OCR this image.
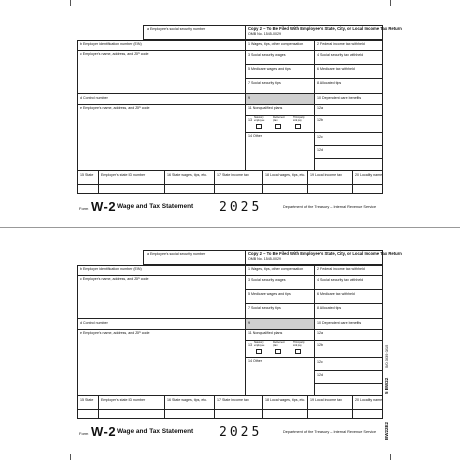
a Employee's social security number	Copy 2 – To Be Filed With Employee's State, City, or Local Income Tax Return
OMB No. 1545-0029
b Employer identification number (EIN)
c Employer's name, address, and ZIP code
d Control number
e Employee's name, address, and ZIP code
1 Wages, tips, other compensation	2 Federal income tax withheld
3 Social security wages	4 Social security tax withheld
5 Medicare wages and tips	6 Medicare tax withheld
7 Social security tips	8 Allocated tips
9	10 Dependent care benefits
11 Nonqualified plans
13
Statutory employee
Retirement plan
Third-party sick pay
14 Other
12a
12b
12c
12d
15 State Employer's state ID number	16 State wages, tips, etc.	17 State income tax	18 Local wages, tips, etc. 19 Local income tax	20 Locality name
Form W-2 Wage and Tax Statement 2025	Department of the Treasury – Internal Revenue Service
a Employee's social security number	Copy 2 – To Be Filed With Employee's State, City, or Local Income Tax Return
OMB No. 1545-0029
b Employer identification number (EIN)
c Employer's name, address, and ZIP code
d Control number
e Employee's name, address, and ZIP code
1 Wages, tips, other compensation	2 Federal income tax withheld
3 Social security wages	4 Social security tax withheld
5 Medicare wages and tips	6 Medicare tax withheld
7 Social security tips	8 Allocated tips
9	10 Dependent care benefits
11 Nonqualified plans
13
Statutory employee
Retirement plan
Third-party sick pay
14 Other
12a
12b
12c
12d
15 State Employer's state ID number	16 State wages, tips, etc.	17 State income tax	18 Local wages, tips, etc. 19 Local income tax	20 Locality name
Form W-2 Wage and Tax Statement 2025	Department of the Treasury – Internal Revenue Service
5 BW22
5/0 3/39 0/15
BW22E2
